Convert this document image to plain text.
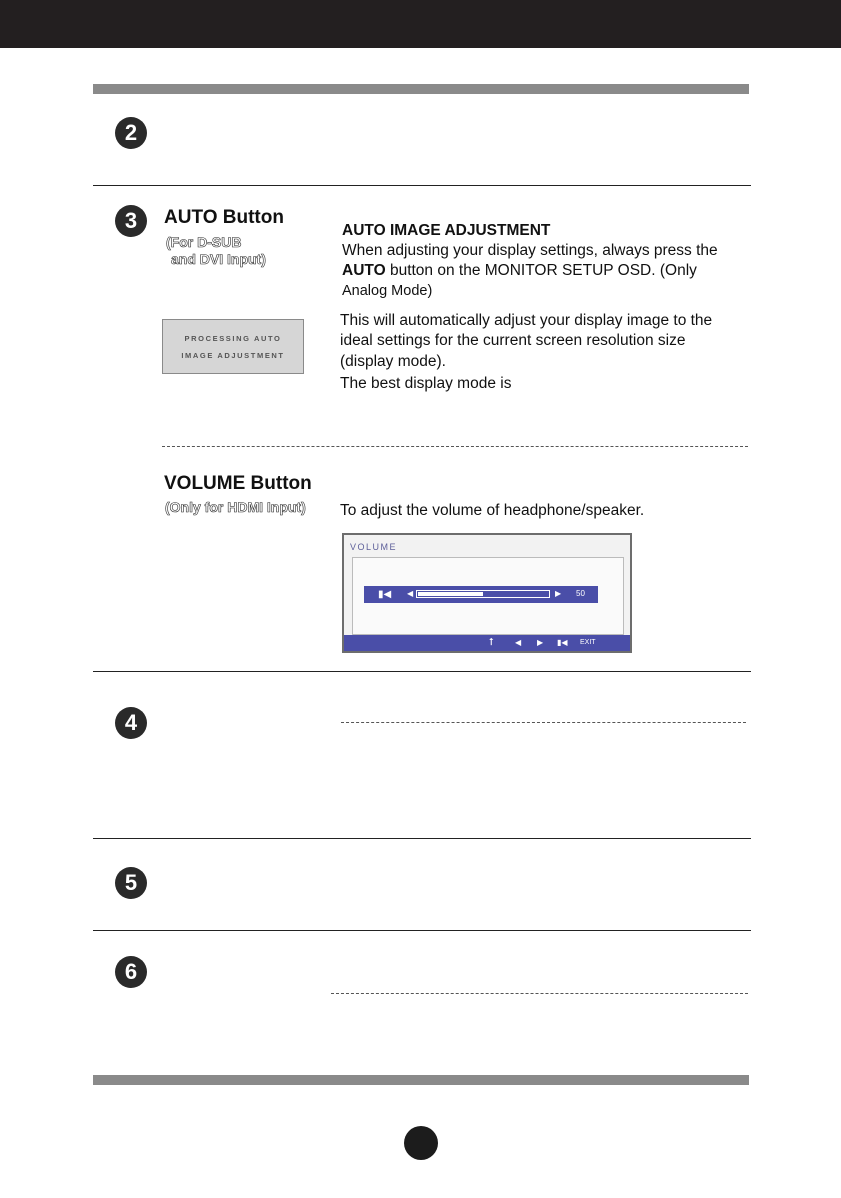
2
3	AUTO Button
(For D-SUB
and DVI Input)
AUTO IMAGE ADJUSTMENT
When adjusting your display settings, always press the
AUTO button on the MONITOR SETUP OSD. (Only
Analog Mode)
PROCESSING AUTO
IMAGE ADJUSTMENT
This will automatically adjust your display image to the
ideal settings for the current screen resolution size
(display mode).
The best display mode is
VOLUME Button
(Only for HDMI Input) To adjust the volume of headphone/speaker.
VOLUME
▮◀ ◀	▶ 50
⭡	◀ ▶ ▮◀ EXIT
4
5
6
